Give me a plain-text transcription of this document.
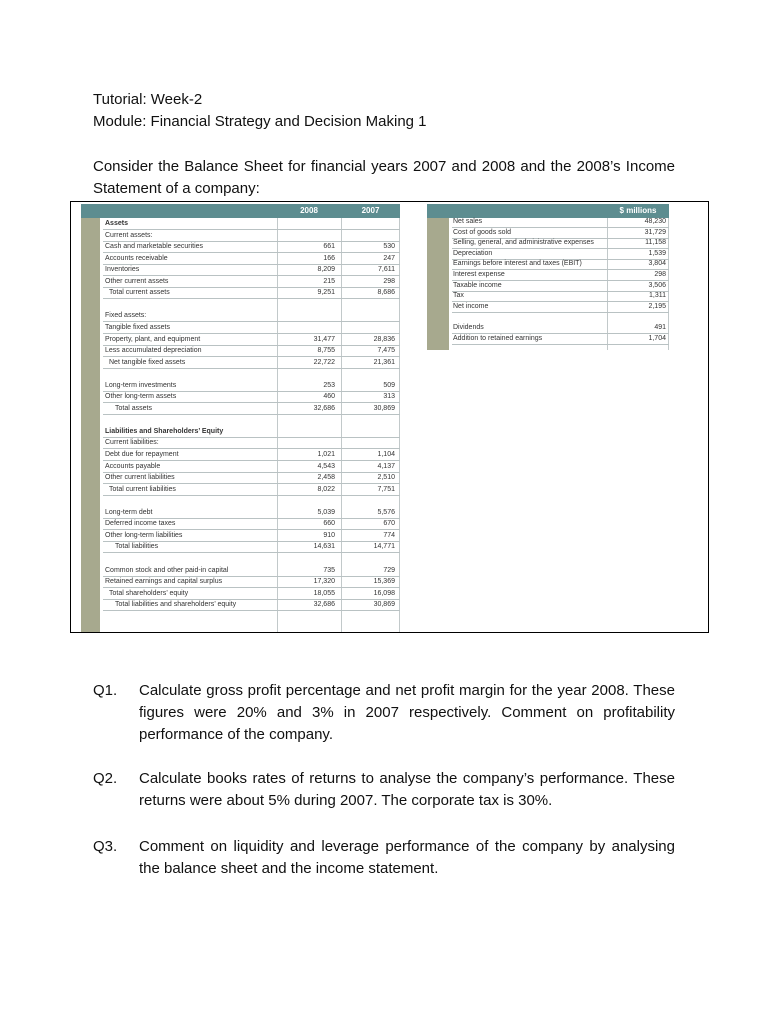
Tutorial: Week-2
Module: Financial Strategy and Decision Making 1
Consider the Balance Sheet for financial years 2007 and 2008 and the 2008’s Income Statement of a company:
2008	2007
Assets
Current assets:
Cash and marketable securities	661	530
Accounts receivable	166	247
Inventories	8,209	7,611
Other current assets	215	298
Total current assets	9,251	8,686
Fixed assets:
Tangible fixed assets
Property, plant, and equipment	31,477	28,836
Less accumulated depreciation	8,755	7,475
Net tangible fixed assets	22,722	21,361
Long-term investments	253	509
Other long-term assets	460	313
Total assets	32,686	30,869
Liabilities and Shareholders’ Equity
Current liabilities:
Debt due for repayment	1,021	1,104
Accounts payable	4,543	4,137
Other current liabilities	2,458	2,510
Total current liabilities	8,022	7,751
Long-term debt	5,039	5,576
Deferred income taxes	660	670
Other long-term liabilities	910	774
Total liabilities	14,631	14,771
Common stock and other paid-in capital	735	729
Retained earnings and capital surplus	17,320	15,369
Total shareholders’ equity	18,055	16,098
Total liabilities and shareholders’ equity	32,686	30,869
$ millions
Net sales	48,230
Cost of goods sold	31,729
Selling, general, and administrative expenses	11,158
Depreciation	1,539
Earnings before interest and taxes (EBIT)	3,804
Interest expense	298
Taxable income	3,506
Tax	1,311
Net income	2,195
Dividends	491
Addition to retained earnings	1,704
Q1. Calculate gross profit percentage and net profit margin for the year 2008. These figures were 20% and 3% in 2007 respectively. Comment on profitability performance of the company.
Q2. Calculate books rates of returns to analyse the company’s performance. These returns were about 5% during 2007. The corporate tax is 30%.
Q3. Comment on liquidity and leverage performance of the company by analysing the balance sheet and the income statement.
